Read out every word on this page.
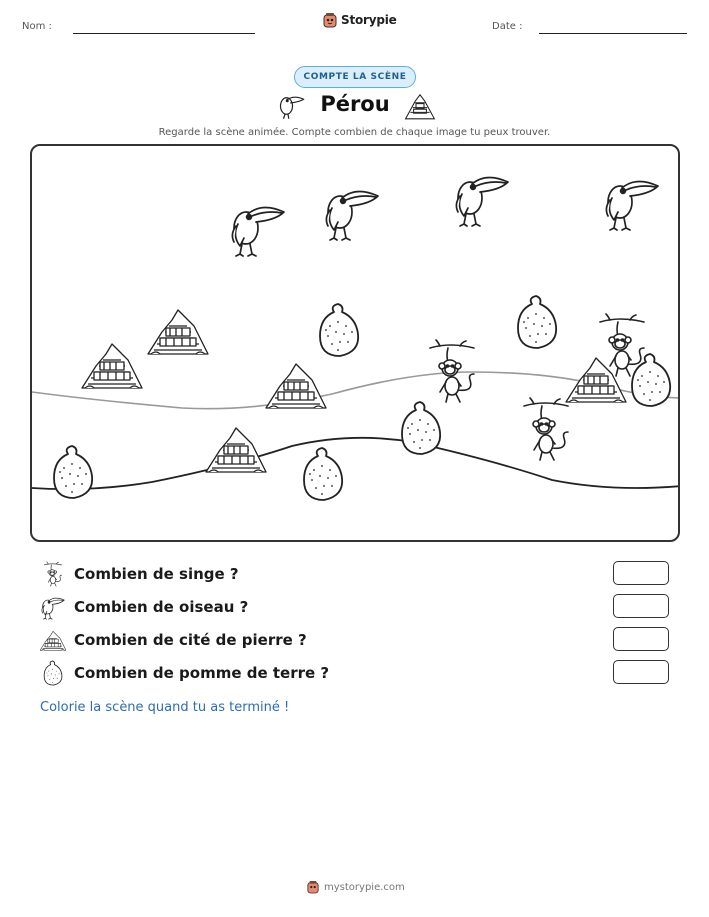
Nom :	Storypie	Date :
COMPTE LA SCÈNE
Pérou
Regarde la scène animée. Compte combien de chaque image tu peux trouver.
Combien de singe ?
Combien de oiseau ?
Combien de cité de pierre ?
Combien de pomme de terre ?
Colorie la scène quand tu as terminé !
mystorypie.com
